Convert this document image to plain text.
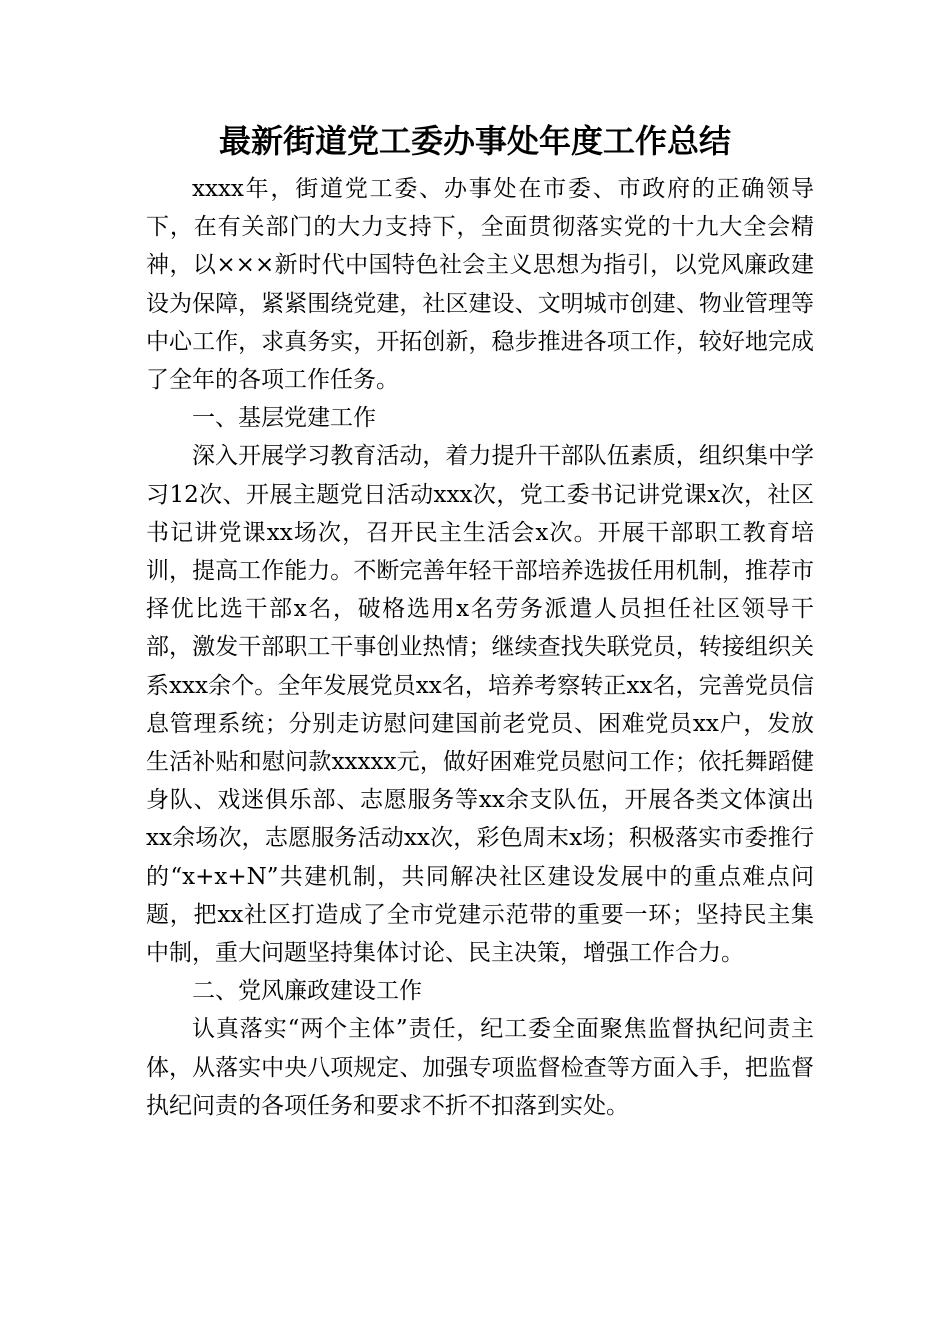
最新街道党工委办事处年度工作总结

xxxx年，街道党工委、办事处在市委、市政府的正确领导下，在有关部门的大力支持下，全面贯彻落实党的十九大全会精神，以×××新时代中国特色社会主义思想为指引，以党风廉政建设为保障，紧紧围绕党建，社区建设、文明城市创建、物业管理等中心工作，求真务实，开拓创新，稳步推进各项工作，较好地完成了全年的各项工作任务。

一、基层党建工作

深入开展学习教育活动，着力提升干部队伍素质，组织集中学习12次、开展主题党日活动xxx次，党工委书记讲党课x次，社区书记讲党课xx场次，召开民主生活会x次。开展干部职工教育培训，提高工作能力。不断完善年轻干部培养选拔任用机制，推荐市择优比选干部x名，破格选用x名劳务派遣人员担任社区领导干部，激发干部职工干事创业热情；继续查找失联党员，转接组织关系xxx余个。全年发展党员xx名，培养考察转正xx名，完善党员信息管理系统；分别走访慰问建国前老党员、困难党员xx户，发放生活补贴和慰问款xxxxx元，做好困难党员慰问工作；依托舞蹈健身队、戏迷俱乐部、志愿服务等xx余支队伍，开展各类文体演出xx余场次，志愿服务活动xx次，彩色周末x场；积极落实市委推行的“x+x+N”共建机制，共同解决社区建设发展中的重点难点问题，把xx社区打造成了全市党建示范带的重要一环；坚持民主集中制，重大问题坚持集体讨论、民主决策，增强工作合力。

二、党风廉政建设工作

认真落实“两个主体”责任，纪工委全面聚焦监督执纪问责主体，从落实中央八项规定、加强专项监督检查等方面入手，把监督执纪问责的各项任务和要求不折不扣落到实处。
